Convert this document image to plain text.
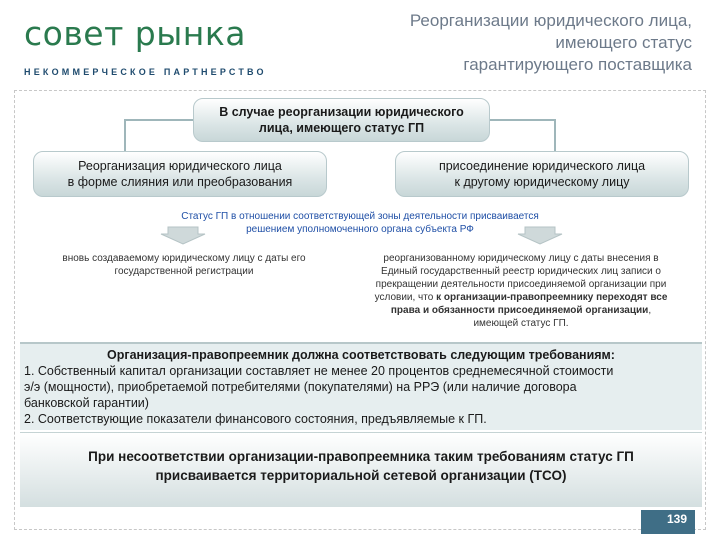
совет рынка
НЕКОММЕРЧЕСКОЕ ПАРТНЕРСТВО
Реорганизации юридического лица,
имеющего статус
гарантирующего поставщика
В случае реорганизации юридического
лица, имеющего статус ГП
Реорганизация юридического лица
в форме слияния или преобразования
присоединение юридического лица
к другому юридическому лицу
Статус ГП в отношении соответствующей зоны деятельности присваивается
решением уполномоченного органа субъекта РФ
вновь создаваемому юридическому лицу с даты его
государственной регистрации
реорганизованному юридическому лицу с даты внесения в
Единый государственный реестр юридических лиц записи о
прекращении деятельности присоединяемой организации при
условии, что к организации-правопреемнику переходят все
права и обязанности присоединяемой организации,
имеющей статус ГП.
Организация-правопреемник должна соответствовать следующим требованиям:
1. Собственный капитал организации составляет не менее 20 процентов среднемесячной стоимости
э/э (мощности), приобретаемой потребителями (покупателями) на РРЭ (или наличие договора
банковской гарантии)
2. Соответствующие показатели финансового состояния, предъявляемые к ГП.
При несоответствии организации-правопреемника таким требованиям статус ГП
присваивается территориальной сетевой организации (ТСО)
139
